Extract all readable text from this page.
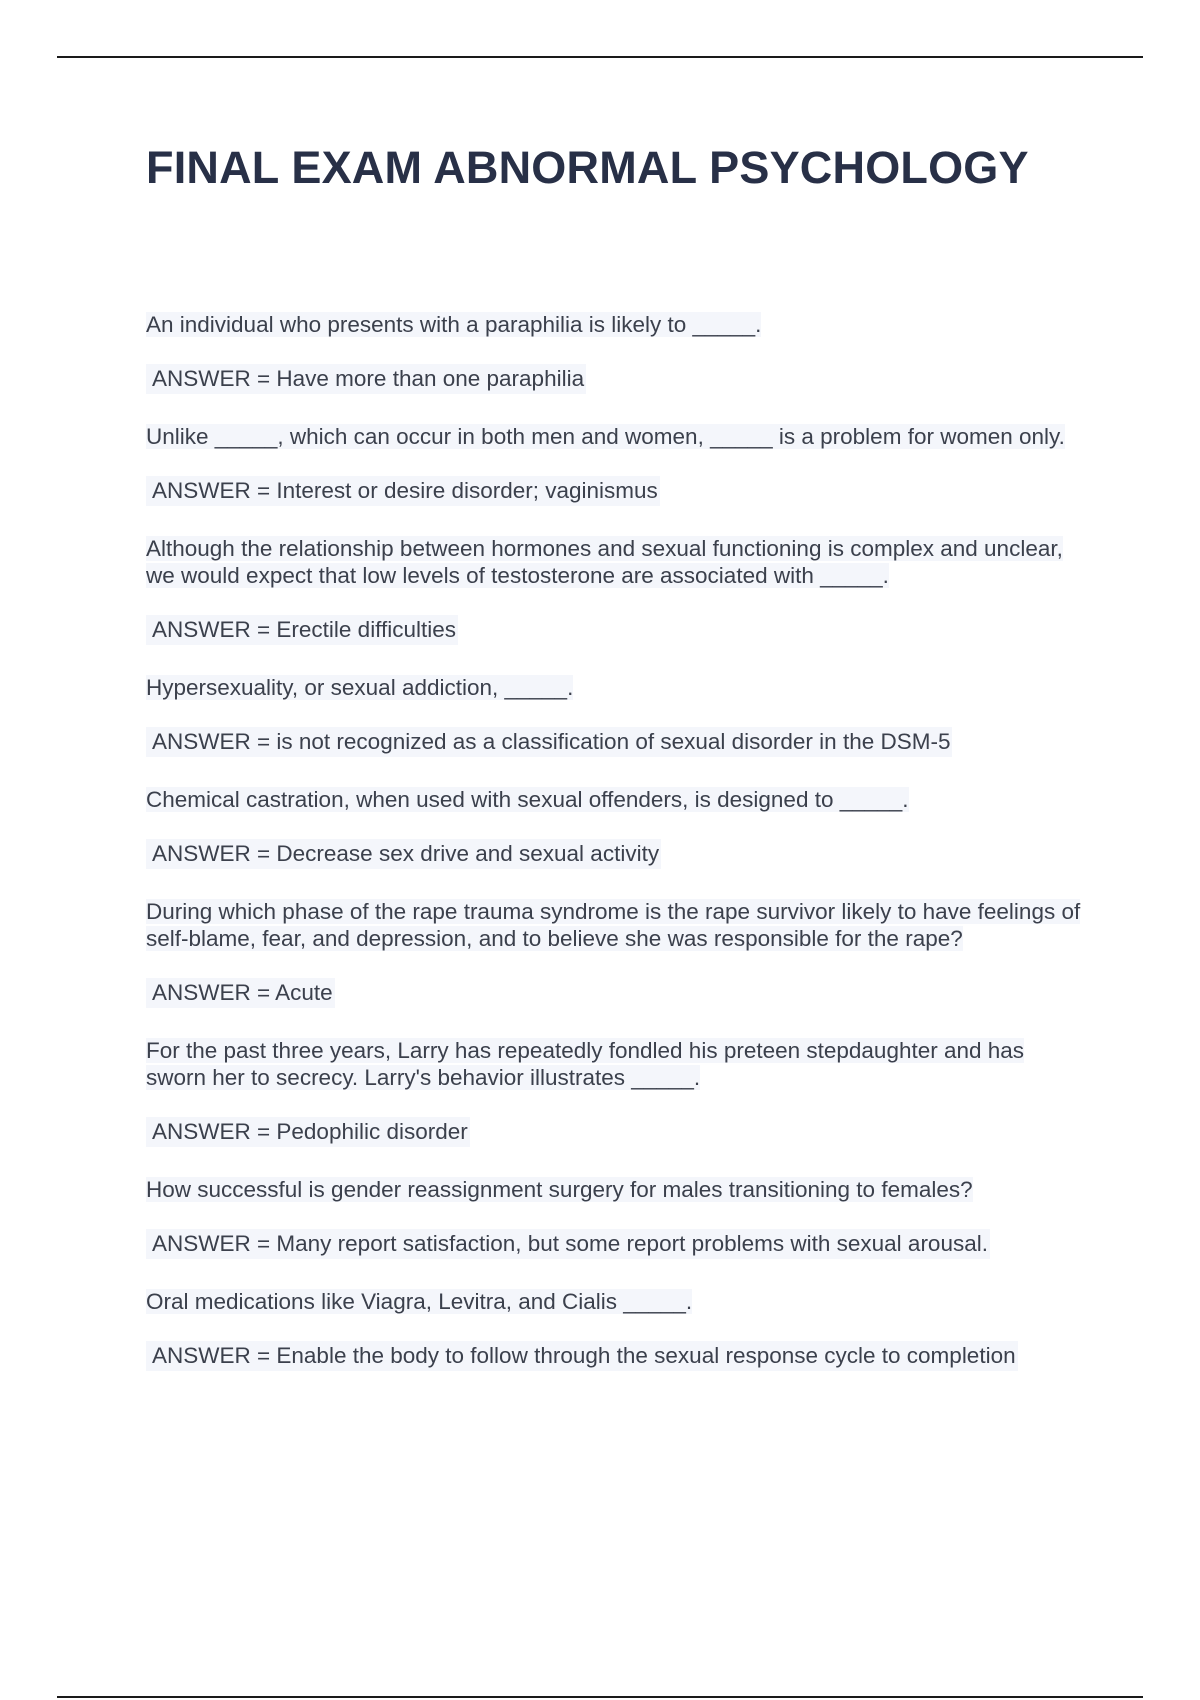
FINAL EXAM ABNORMAL PSYCHOLOGY
An individual who presents with a paraphilia is likely to _____.
ANSWER = Have more than one paraphilia
Unlike _____, which can occur in both men and women, _____ is a problem for women only.
ANSWER = Interest or desire disorder; vaginismus
Although the relationship between hormones and sexual functioning is complex and unclear, we would expect that low levels of testosterone are associated with _____.
ANSWER = Erectile difficulties
Hypersexuality, or sexual addiction, _____.
ANSWER = is not recognized as a classification of sexual disorder in the DSM-5
Chemical castration, when used with sexual offenders, is designed to _____.
ANSWER = Decrease sex drive and sexual activity
During which phase of the rape trauma syndrome is the rape survivor likely to have feelings of self-blame, fear, and depression, and to believe she was responsible for the rape?
ANSWER = Acute
For the past three years, Larry has repeatedly fondled his preteen stepdaughter and has sworn her to secrecy. Larry's behavior illustrates _____.
ANSWER = Pedophilic disorder
How successful is gender reassignment surgery for males transitioning to females?
ANSWER = Many report satisfaction, but some report problems with sexual arousal.
Oral medications like Viagra, Levitra, and Cialis _____.
ANSWER = Enable the body to follow through the sexual response cycle to completion
